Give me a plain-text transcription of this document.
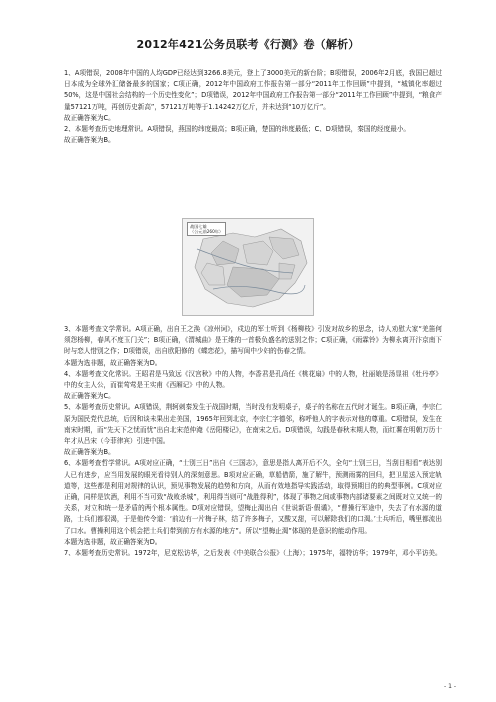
2012年421公务员联考《行测》卷（解析）

1、A项错误，2008年中国的人均GDP已经达到3266.8美元，登上了3000美元的新台阶；B项错误，2006年2月底，我国已超过日本成为全球外汇储备最多的国家；C项正确，2012年中国政府工作报告第一部分“2011年工作回顾”中提到，“城镇化率超过50%，这是中国社会结构的一个历史性变化”；D项错误，2012年中国政府工作报告第一部分“2011年工作回顾”中提到，“粮食产量57121万吨，再创历史新高”，57121万吨等于1.14242万亿斤，并未达到“10万亿斤”。

故正确答案为C。

2、本题考查历史地理常识。A项错误，燕国的纬度最高；B项正确，楚国的纬度最低；C、D项错误，秦国的经度最小。

故正确答案为B。

战国七雄
（公元前260年）

3、本题考查文学常识。A项正确，出自王之涣《凉州词》，戍边的军士听到《杨柳枝》引发对故乡的思念，诗人劝慰大家“羌笛何须怨杨柳，春风不度玉门关”；B项正确，《渭城曲》是王维的一首极负盛名的送别之作；C项正确，《雨霖铃》为柳永离开汴京南下时与恋人惜别之作；D项错误，出自欧阳修的《蝶恋花》，描写闺中少妇的伤春之情。

本题为选非题，故正确答案为D。

4、本题考查文化常识。王昭君是马致远《汉宫秋》中的人物，李香君是孔尚任《桃花扇》中的人物，杜丽娘是汤显祖《牡丹亭》中的女主人公，而崔莺莺是王实甫《西厢记》中的人物。

故正确答案为C。

5、本题考查历史常识。A项错误，荆轲刺秦发生于战国时期，当时没有发明桌子，桌子的名称在五代时才诞生。B项正确，李宗仁原为国民党代总统，后因和谈未果出走美国，1965年回到北京，李宗仁字德邻，称呼他人的字表示对他的尊重。C项错误，发生在南宋时期，而“先天下之忧而忧”出自北宋范仲淹《岳阳楼记》，在南宋之后。D项错误，勾践是春秋末期人物，而红薯在明朝万历十年才从吕宋（今菲律宾）引进中国。

故正确答案为B。

6、本题考查哲学常识。A项对应正确，“士别三日”出自《三国志》，意思是指人离开后不久，全句“士别三日，当刮目相看”表达别人已有进步，应当用发展的眼光看待别人的深刻意思。B项对应正确，草船借箭，施了解牛，预测雨雾的回归，把卫星送入预定轨道等，这些都是利用对规律的认识，预见事物发展的趋势和方向，从而有效地指导实践活动，取得预期目的的典型事例。C项对应正确，同样是饮酒，利用不当可致“战败杀城”，利用得当则可“战胜得利”，体现了事物之间或事物内部诸要素之间既对立又统一的关系，对立和统一是矛盾的两个根本属性。D项对应错误，望梅止渴出自《世说新语·假谲》，“曹操行军途中，失去了有水源的道路，士兵们都很渴，于是他传令道：‘前边有一片梅子林，结了许多梅子，又酸又甜，可以解除我们的口渴。’士兵听后，嘴里都流出了口水。曹操利用这个机会把士兵们带到前方有水源的地方”。所以“望梅止渴”体现的是意识的能动作用。

本题为选非题，故正确答案为D。

7、本题考查历史常识。1972年，尼克松访华，之后发表《中美联合公报》（上海）；1975年，福特访华；1979年，邓小平访美。

- 1 -
